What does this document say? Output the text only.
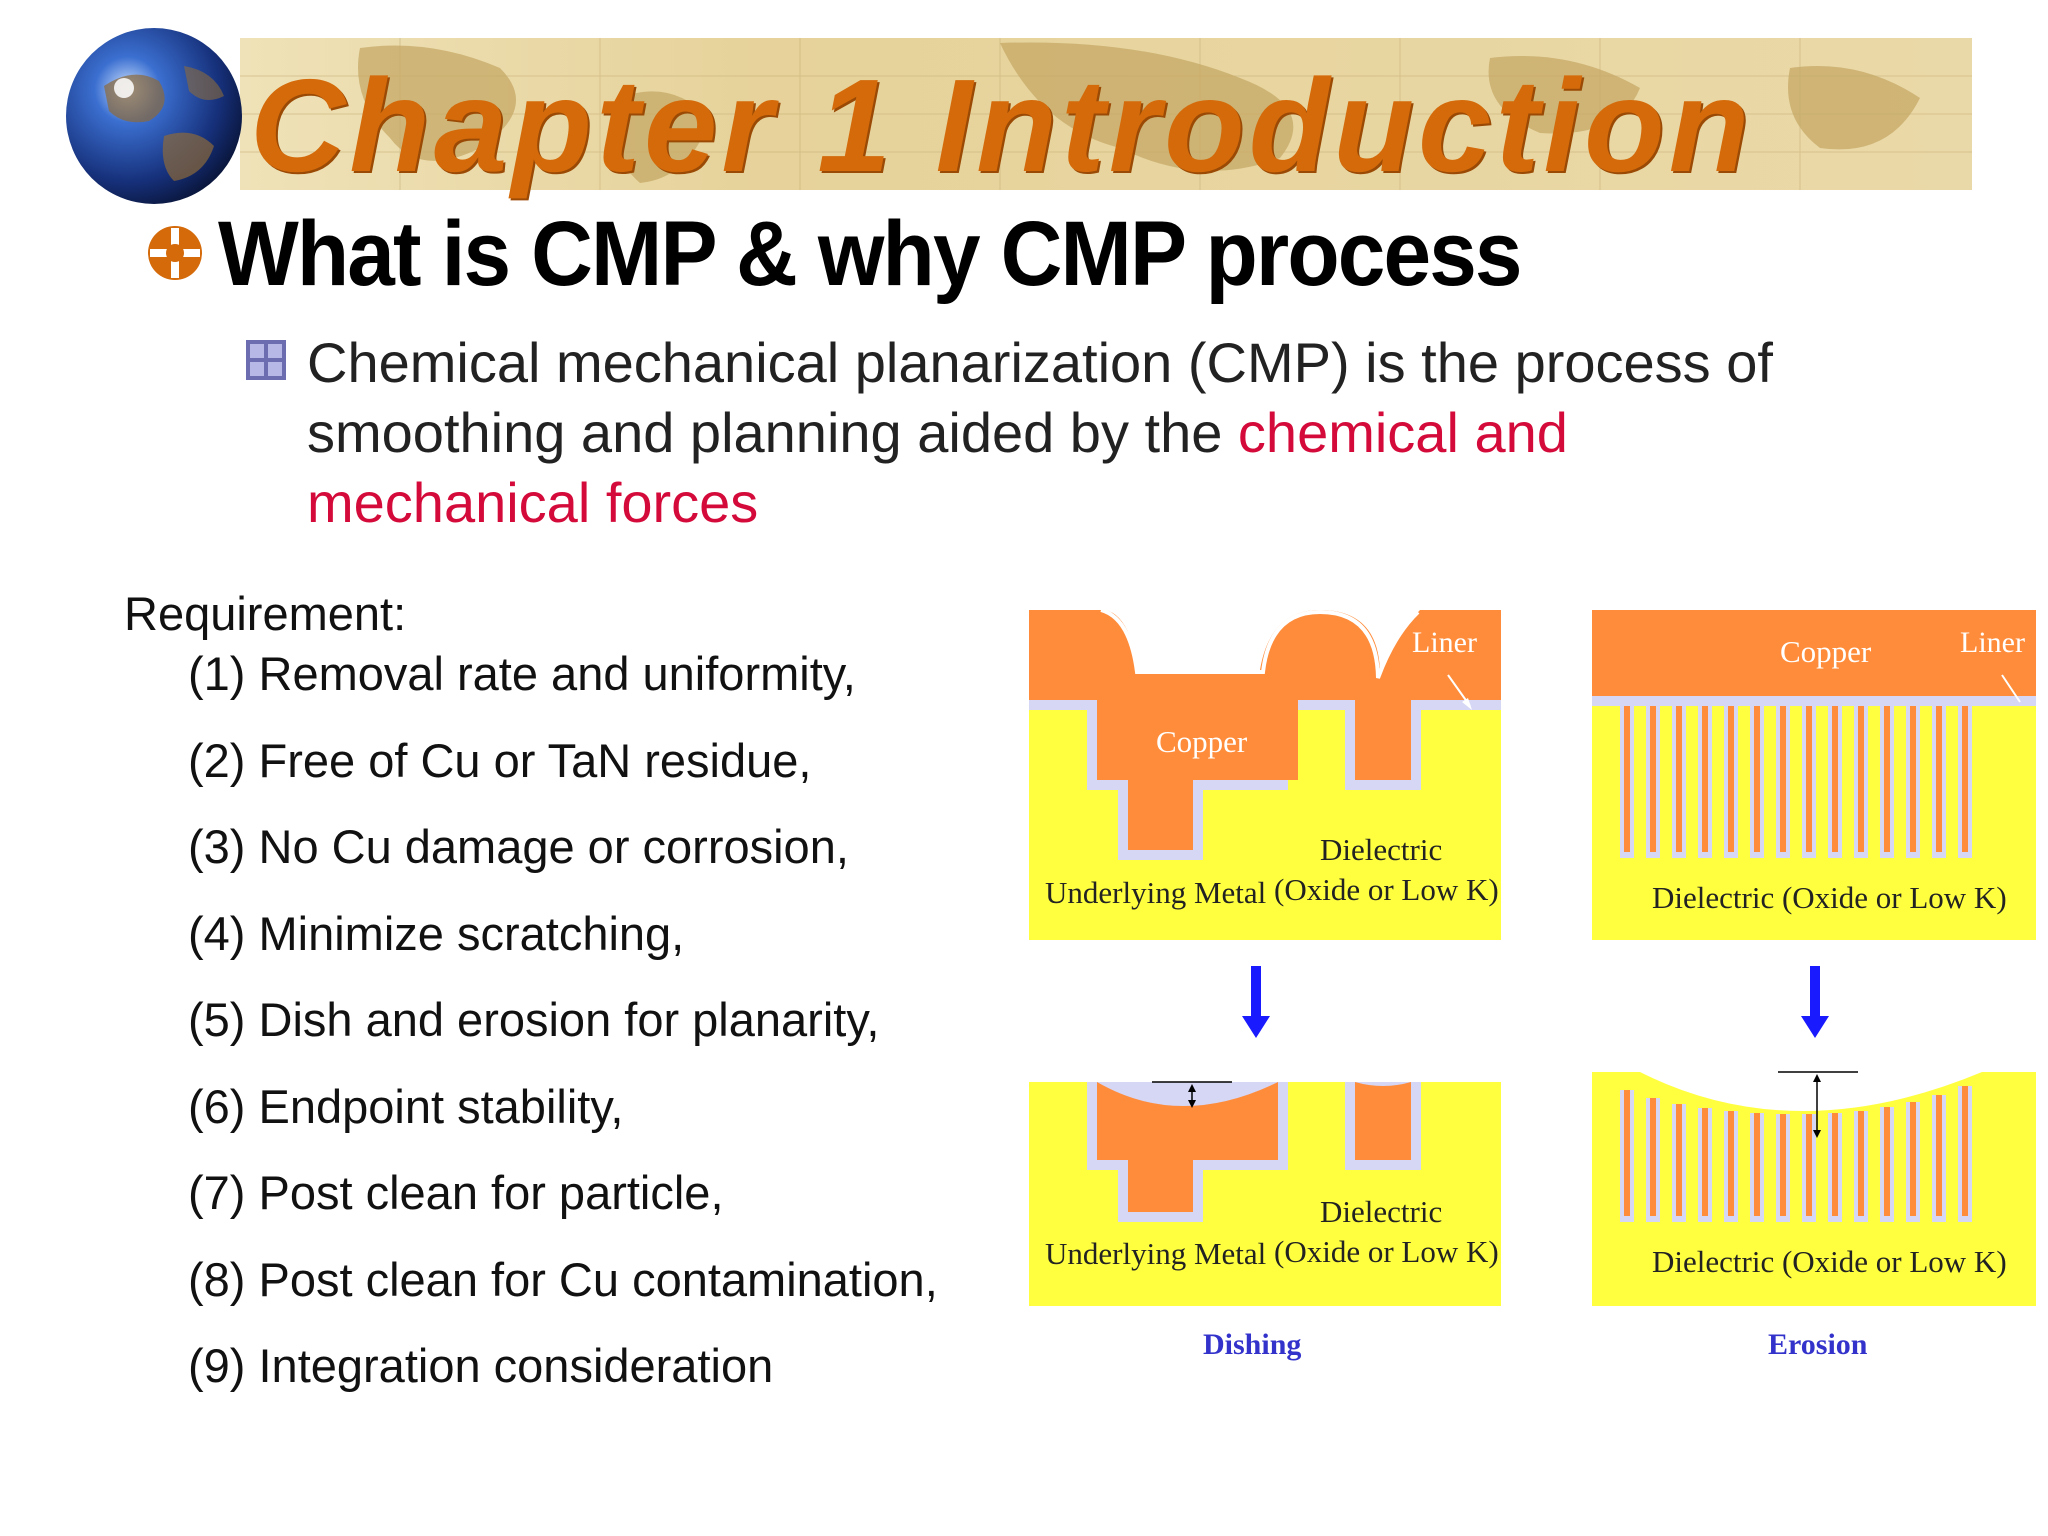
Chapter 1 Introduction
What is CMP & why CMP process
Chemical mechanical planarization (CMP) is the process of smoothing and planning aided by the chemical and mechanical forces
Requirement:
(1) Removal rate and uniformity,
(2) Free of Cu or TaN residue,
(3) No Cu damage or corrosion,
(4) Minimize scratching,
(5) Dish and erosion for planarity,
(6) Endpoint stability,
(7) Post clean for particle,
(8) Post clean for Cu contamination,
(9) Integration consideration
Copper
Liner
Dielectric
Underlying Metal (Oxide or Low K)
Copper	Liner
Dielectric (Oxide or Low K)
Dielectric
Underlying Metal (Oxide or Low K)	Dielectric (Oxide or Low K)
Dishing	Erosion
